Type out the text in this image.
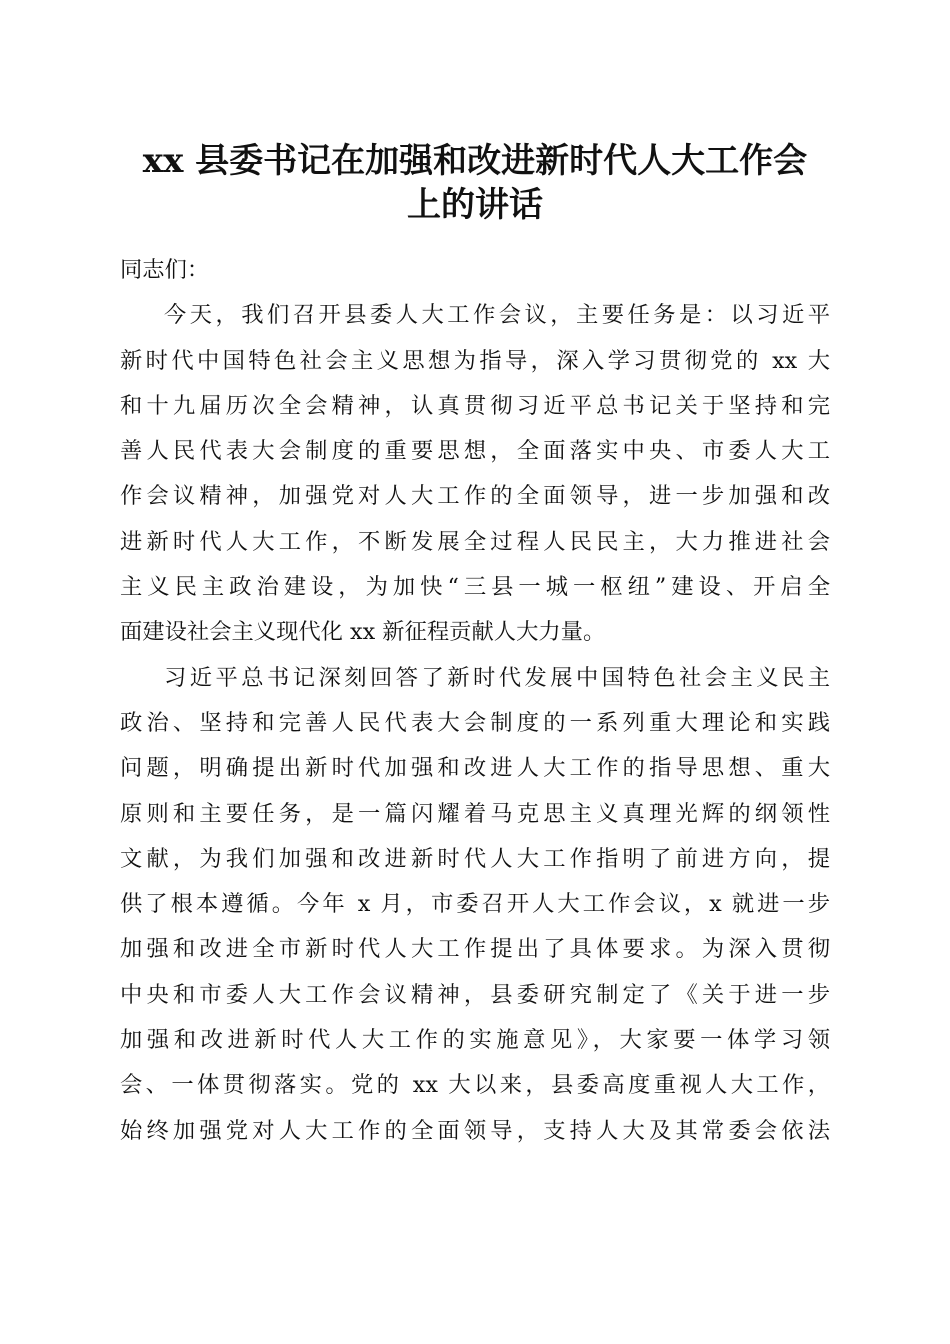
xx 县委书记在加强和改进新时代人大工作会
上的讲话
同志们：
今天，我们召开县委人大工作会议，主要任务是：以习近平
新时代中国特色社会主义思想为指导，深入学习贯彻党的 xx 大
和十九届历次全会精神，认真贯彻习近平总书记关于坚持和完
善人民代表大会制度的重要思想，全面落实中央、市委人大工
作会议精神，加强党对人大工作的全面领导，进一步加强和改
进新时代人大工作，不断发展全过程人民民主，大力推进社会
主义民主政治建设，为加快“三县一城一枢纽”建设、开启全
面建设社会主义现代化 xx 新征程贡献人大力量。
习近平总书记深刻回答了新时代发展中国特色社会主义民主
政治、坚持和完善人民代表大会制度的一系列重大理论和实践
问题，明确提出新时代加强和改进人大工作的指导思想、重大
原则和主要任务，是一篇闪耀着马克思主义真理光辉的纲领性
文献，为我们加强和改进新时代人大工作指明了前进方向，提
供了根本遵循。今年 x 月，市委召开人大工作会议，x 就进一步
加强和改进全市新时代人大工作提出了具体要求。为深入贯彻
中央和市委人大工作会议精神，县委研究制定了《关于进一步
加强和改进新时代人大工作的实施意见》，大家要一体学习领
会、一体贯彻落实。党的 xx 大以来，县委高度重视人大工作，
始终加强党对人大工作的全面领导，支持人大及其常委会依法
